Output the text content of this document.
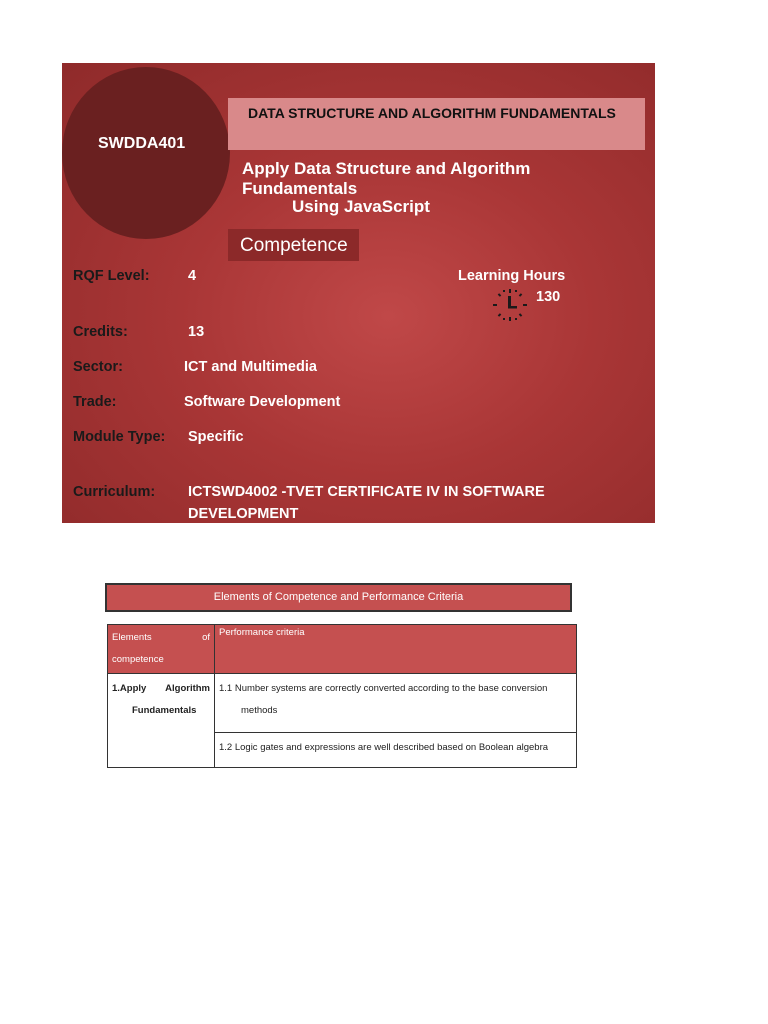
SWDDA401
DATA STRUCTURE AND ALGORITHM FUNDAMENTALS
Apply Data Structure and Algorithm Fundamentals
Using JavaScript
Competence
RQF Level:	4	Learning Hours
130
Credits:	13
Sector:	ICT and Multimedia
Trade:	Software Development
Module Type: Specific
Curriculum: ICTSWD4002 -TVET CERTIFICATE IV IN SOFTWARE
DEVELOPMENT
Elements of Competence and Performance Criteria
Elements of
competence	Performance criteria
1.Apply Algorithm
Fundamentals	1.1 Number systems are correctly converted according to the base conversion
methods

	1.2 Logic gates and expressions are well described based on Boolean algebra
